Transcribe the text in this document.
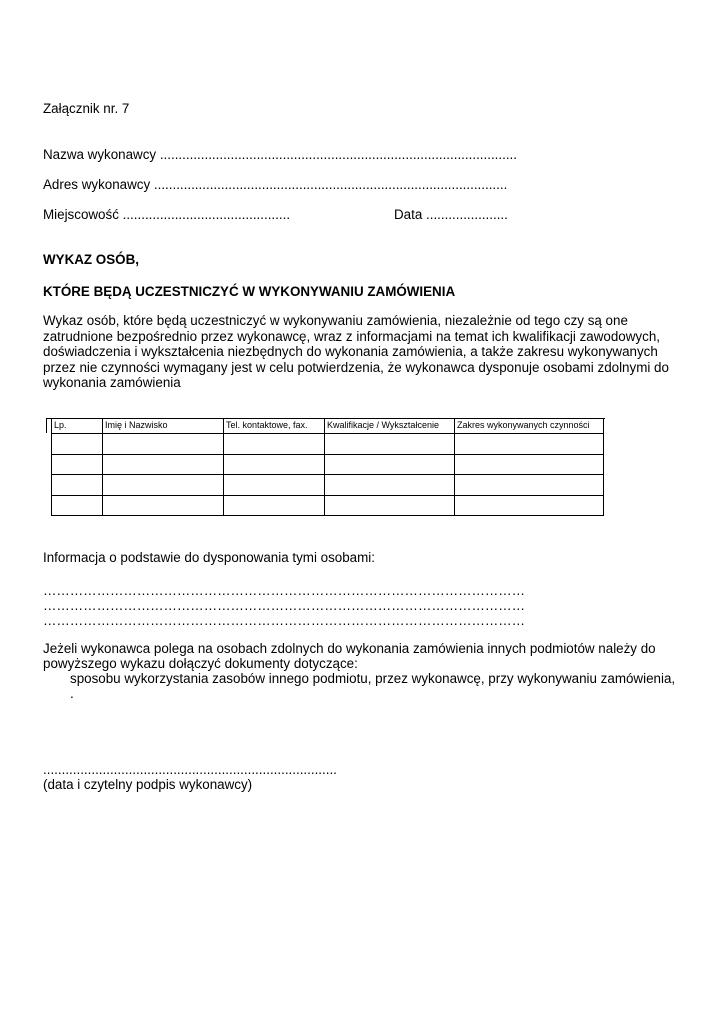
Załącznik nr. 7
Nazwa wykonawcy ................................................................................................
Adres wykonawcy ...............................................................................................
Miejscowość .............................................	Data ......................
WYKAZ OSÓB,
KTÓRE BĘDĄ UCZESTNICZYĆ W WYKONYWANIU ZAMÓWIENIA
Wykaz osób, które będą uczestniczyć w wykonywaniu zamówienia, niezależnie od tego czy są one
zatrudnione bezpośrednio przez wykonawcę, wraz z informacjami na temat ich kwalifikacji zawodowych,
doświadczenia i wykształcenia niezbędnych do wykonania zamówienia, a także zakresu wykonywanych
przez nie czynności wymagany jest w celu potwierdzenia, że wykonawca dysponuje osobami zdolnymi do
wykonania zamówienia
Lp.	Imię i Nazwisko	Tel. kontaktowe, fax.	Kwalifikacje / Wykształcenie	Zakres wykonywanych czynności

Informacja o podstawie do dysponowania tymi osobami:
………………………………………………………………………………………………
………………………………………………………………………………………………
………………………………………………………………………………………………
Jeżeli wykonawca polega na osobach zdolnych do wykonania zamówienia innych podmiotów należy do
powyższego wykazu dołączyć dokumenty dotyczące:
sposobu wykorzystania zasobów innego podmiotu, przez wykonawcę, przy wykonywaniu zamówienia,
.
...............................................................................
(data i czytelny podpis wykonawcy)
